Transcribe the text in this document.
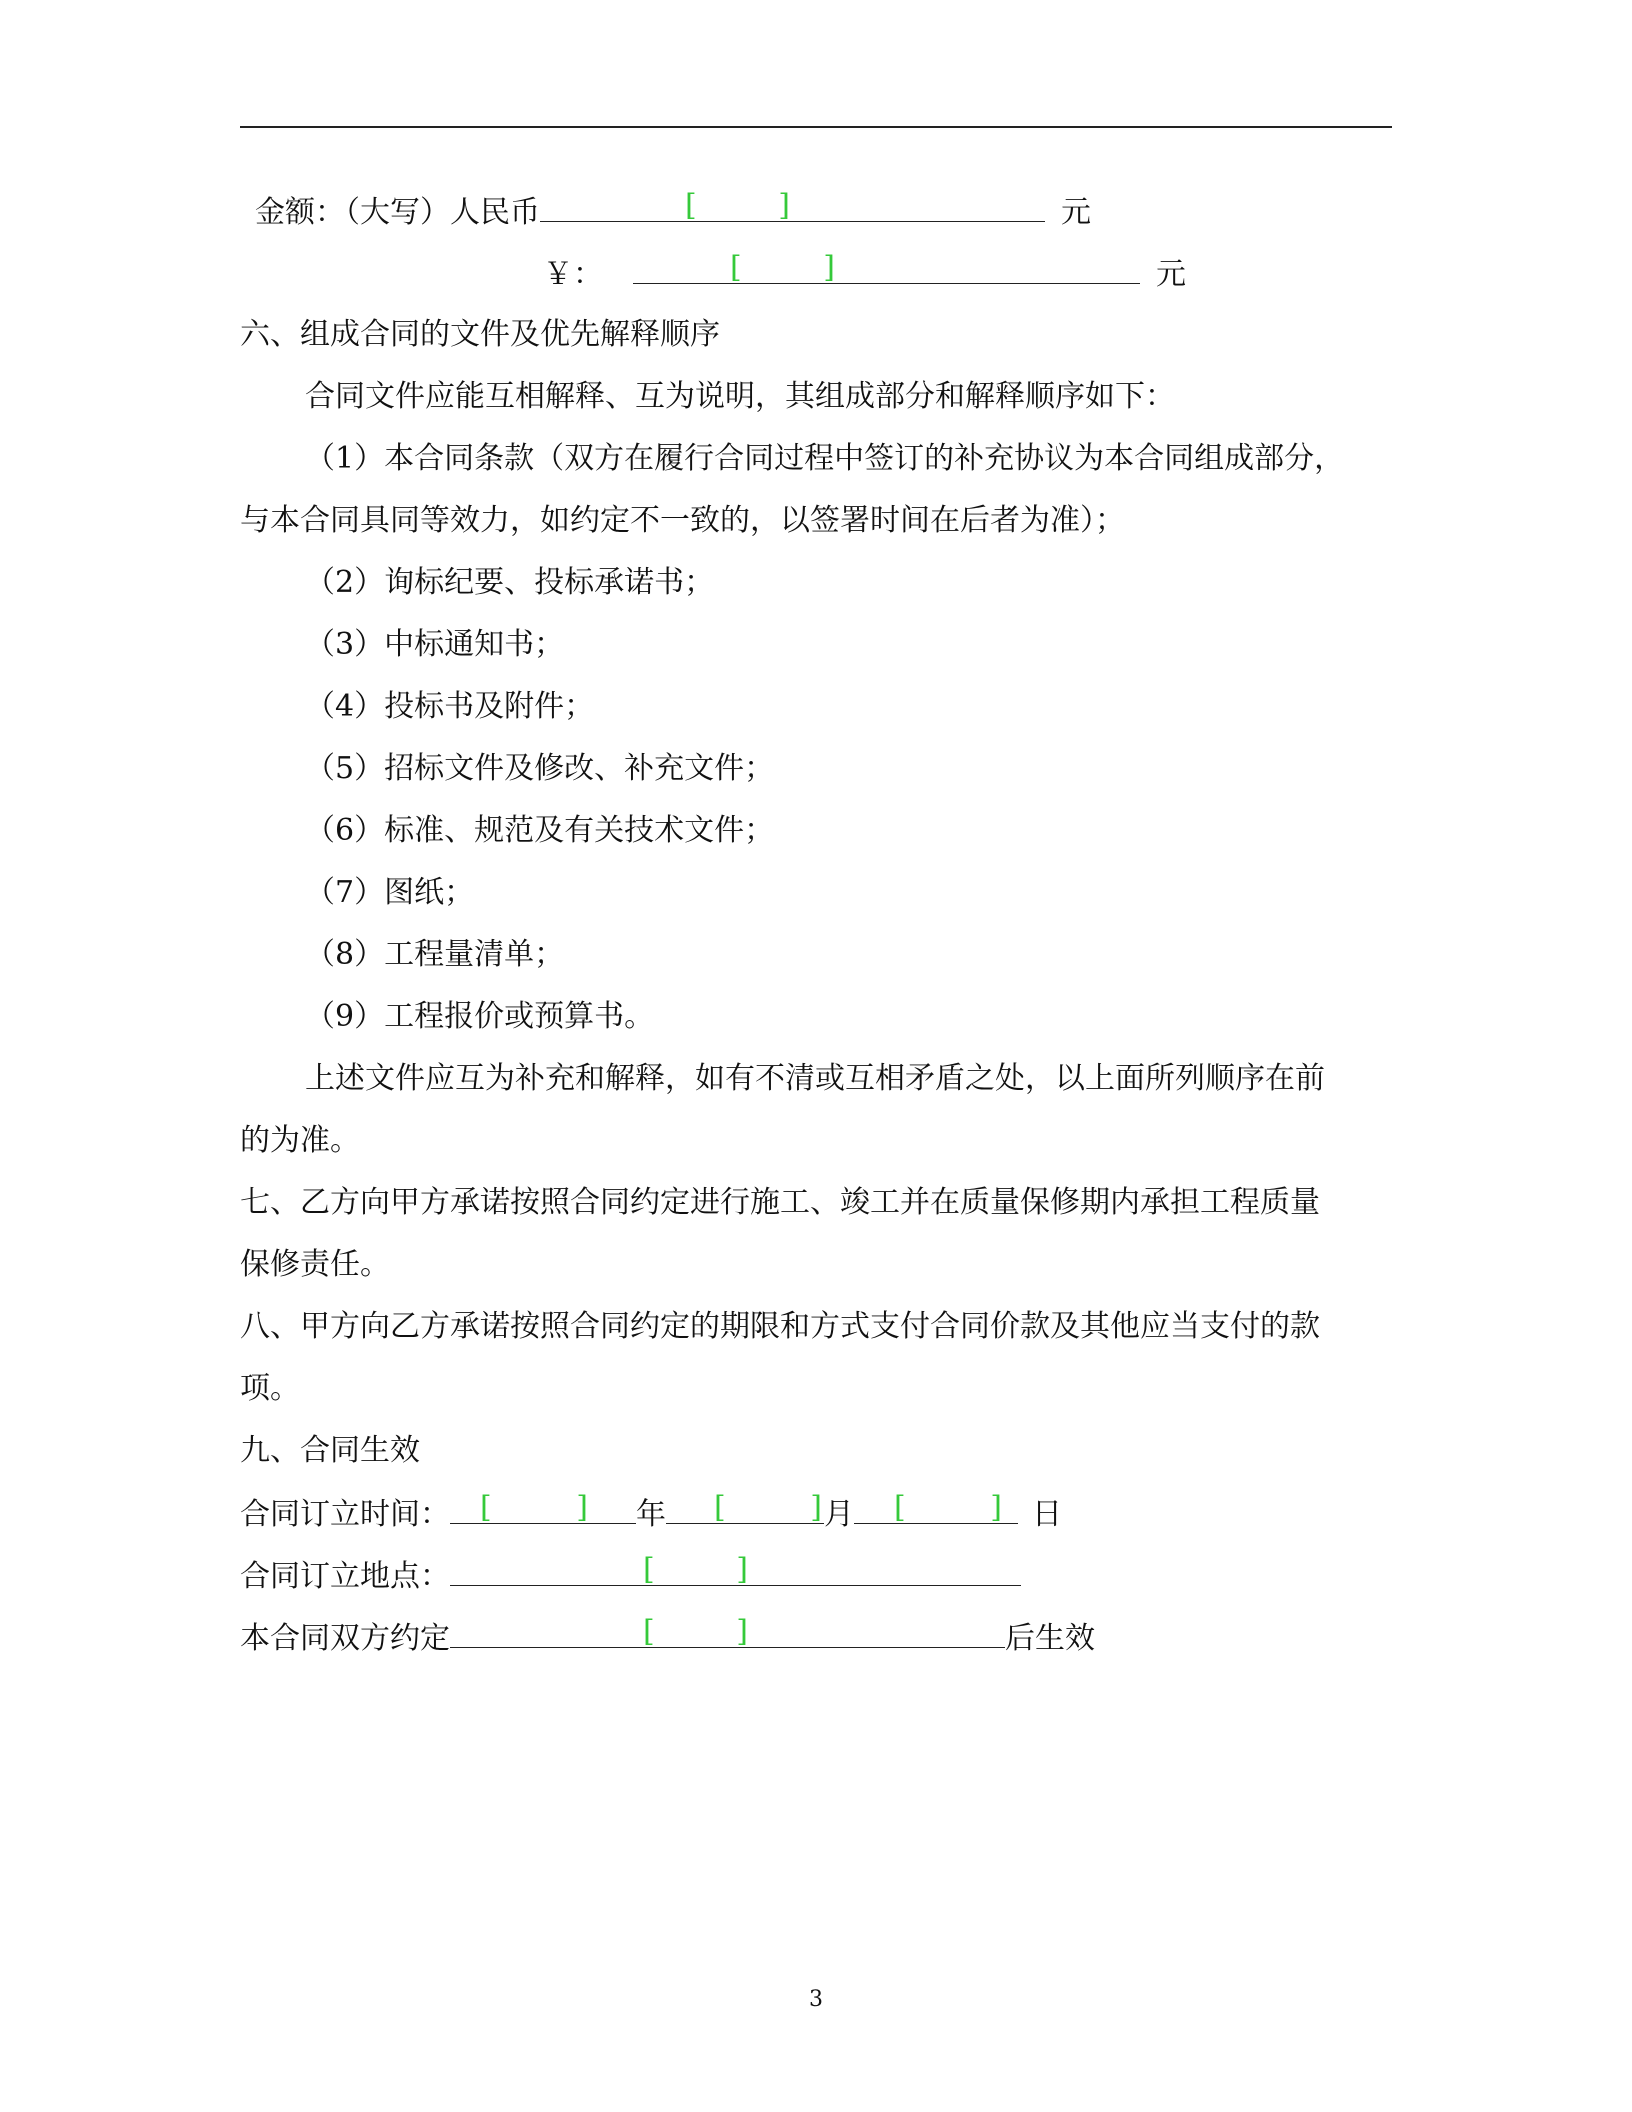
金额：（大写）人民币	[	]	元
￥：	[	]	元
六、组成合同的文件及优先解释顺序
合同文件应能互相解释、互为说明，其组成部分和解释顺序如下：
（1）本合同条款（双方在履行合同过程中签订的补充协议为本合同组成部分，
与本合同具同等效力，如约定不一致的，以签署时间在后者为准）；
（2）询标纪要、投标承诺书；
（3）中标通知书；
（4）投标书及附件；
（5）招标文件及修改、补充文件；
（6）标准、规范及有关技术文件；
（7）图纸；
（8）工程量清单；
（9）工程报价或预算书。
上述文件应互为补充和解释，如有不清或互相矛盾之处，以上面所列顺序在前
的为准。
七、乙方向甲方承诺按照合同约定进行施工、竣工并在质量保修期内承担工程质量
保修责任。
八、甲方向乙方承诺按照合同约定的期限和方式支付合同价款及其他应当支付的款
项。
九、合同生效
合同订立时间： [	] 年 [	] 月 [	] 日
合同订立地点：	[	]
本合同双方约定	[	]	后生效
3
